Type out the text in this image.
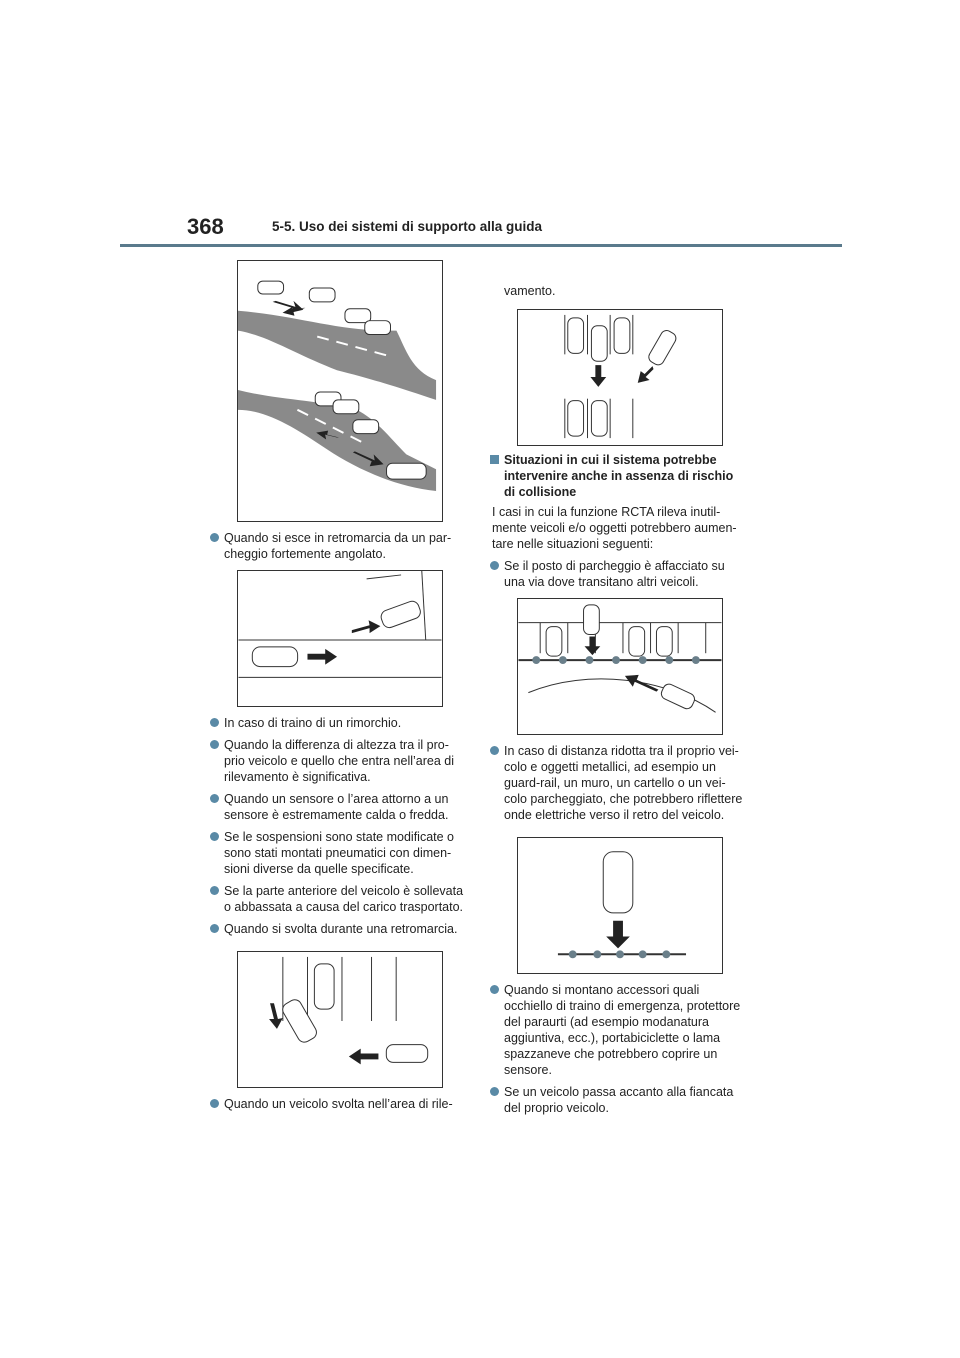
368	5-5. Uso dei sistemi di supporto alla guida
Quando si esce in retromarcia da un par-
cheggio fortemente angolato.
In caso di traino di un rimorchio.
Quando la differenza di altezza tra il pro-
prio veicolo e quello che entra nell’area di
rilevamento è significativa.
Quando un sensore o l’area attorno a un
sensore è estremamente calda o fredda.
Se le sospensioni sono state modificate o
sono stati montati pneumatici con dimen-
sioni diverse da quelle specificate.
Se la parte anteriore del veicolo è sollevata
o abbassata a causa del carico trasportato.
Quando si svolta durante una retromarcia.
Quando un veicolo svolta nell’area di rile-
vamento.
Situazioni in cui il sistema potrebbe
intervenire anche in assenza di rischio
di collisione
I casi in cui la funzione RCTA rileva inutil-
mente veicoli e/o oggetti potrebbero aumen-
tare nelle situazioni seguenti:
Se il posto di parcheggio è affacciato su
una via dove transitano altri veicoli.
In caso di distanza ridotta tra il proprio vei-
colo e oggetti metallici, ad esempio un
guard-rail, un muro, un cartello o un vei-
colo parcheggiato, che potrebbero riflettere
onde elettriche verso il retro del veicolo.
Quando si montano accessori quali
occhiello di traino di emergenza, protettore
del paraurti (ad esempio modanatura
aggiuntiva, ecc.), portabiciclette o lama
spazzaneve che potrebbero coprire un
sensore.
Se un veicolo passa accanto alla fiancata
del proprio veicolo.
